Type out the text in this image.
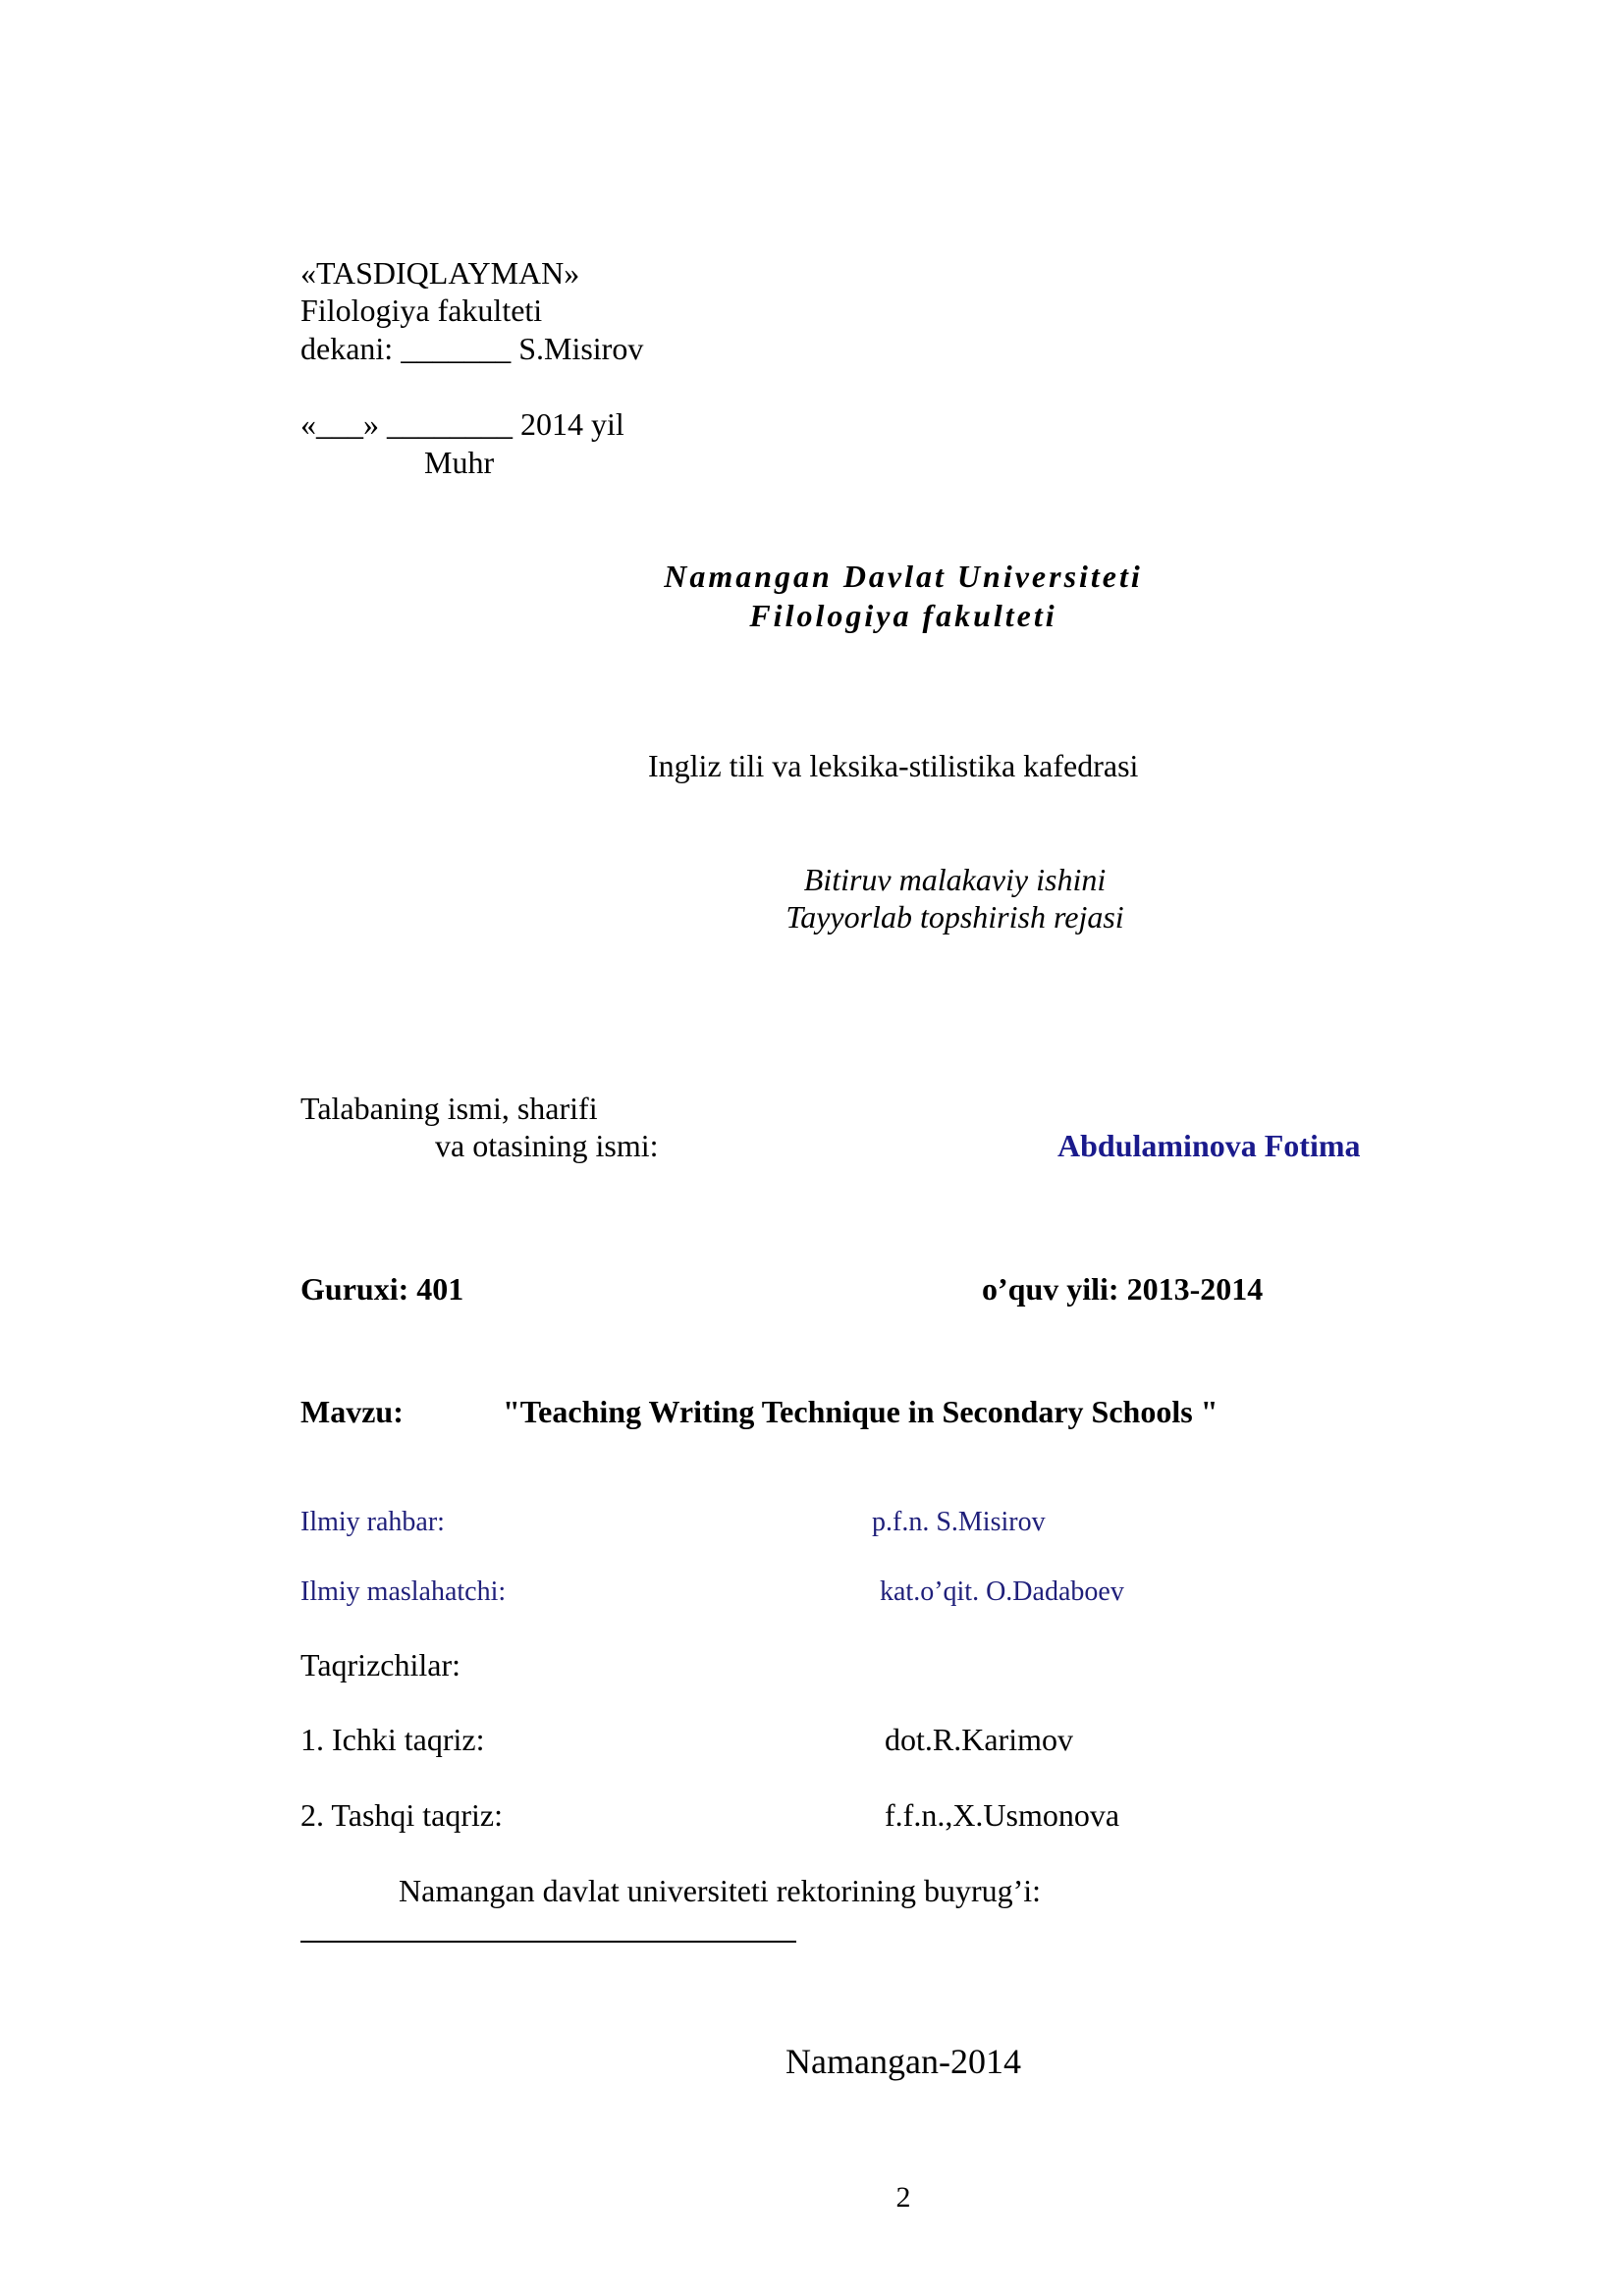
«TASDIQLAYMAN»
Filologiya fakulteti
dekani: _______ S.Misirov
«___» ________ 2014 yil
Muhr
Namangan Davlat Universiteti
Filologiya fakulteti
Ingliz tili va leksika-stilistika kafedrasi
Bitiruv malakaviy ishini
Tayyorlab topshirish rejasi
Talabaning ismi, sharifi
va otasining ismi:	Abdulaminova Fotima
Guruxi: 401	o’quv yili: 2013-2014
Mavzu:	"Teaching Writing Technique in Secondary Schools "
Ilmiy rahbar:	p.f.n. S.Misirov
Ilmiy maslahatchi:	kat.o’qit. O.Dadaboev
Taqrizchilar:
1. Ichki taqriz:	dot.R.Karimov
2. Tashqi taqriz:	f.f.n.,X.Usmonova
Namangan davlat universiteti rektorining buyrug’i:
Namangan-2014
2
